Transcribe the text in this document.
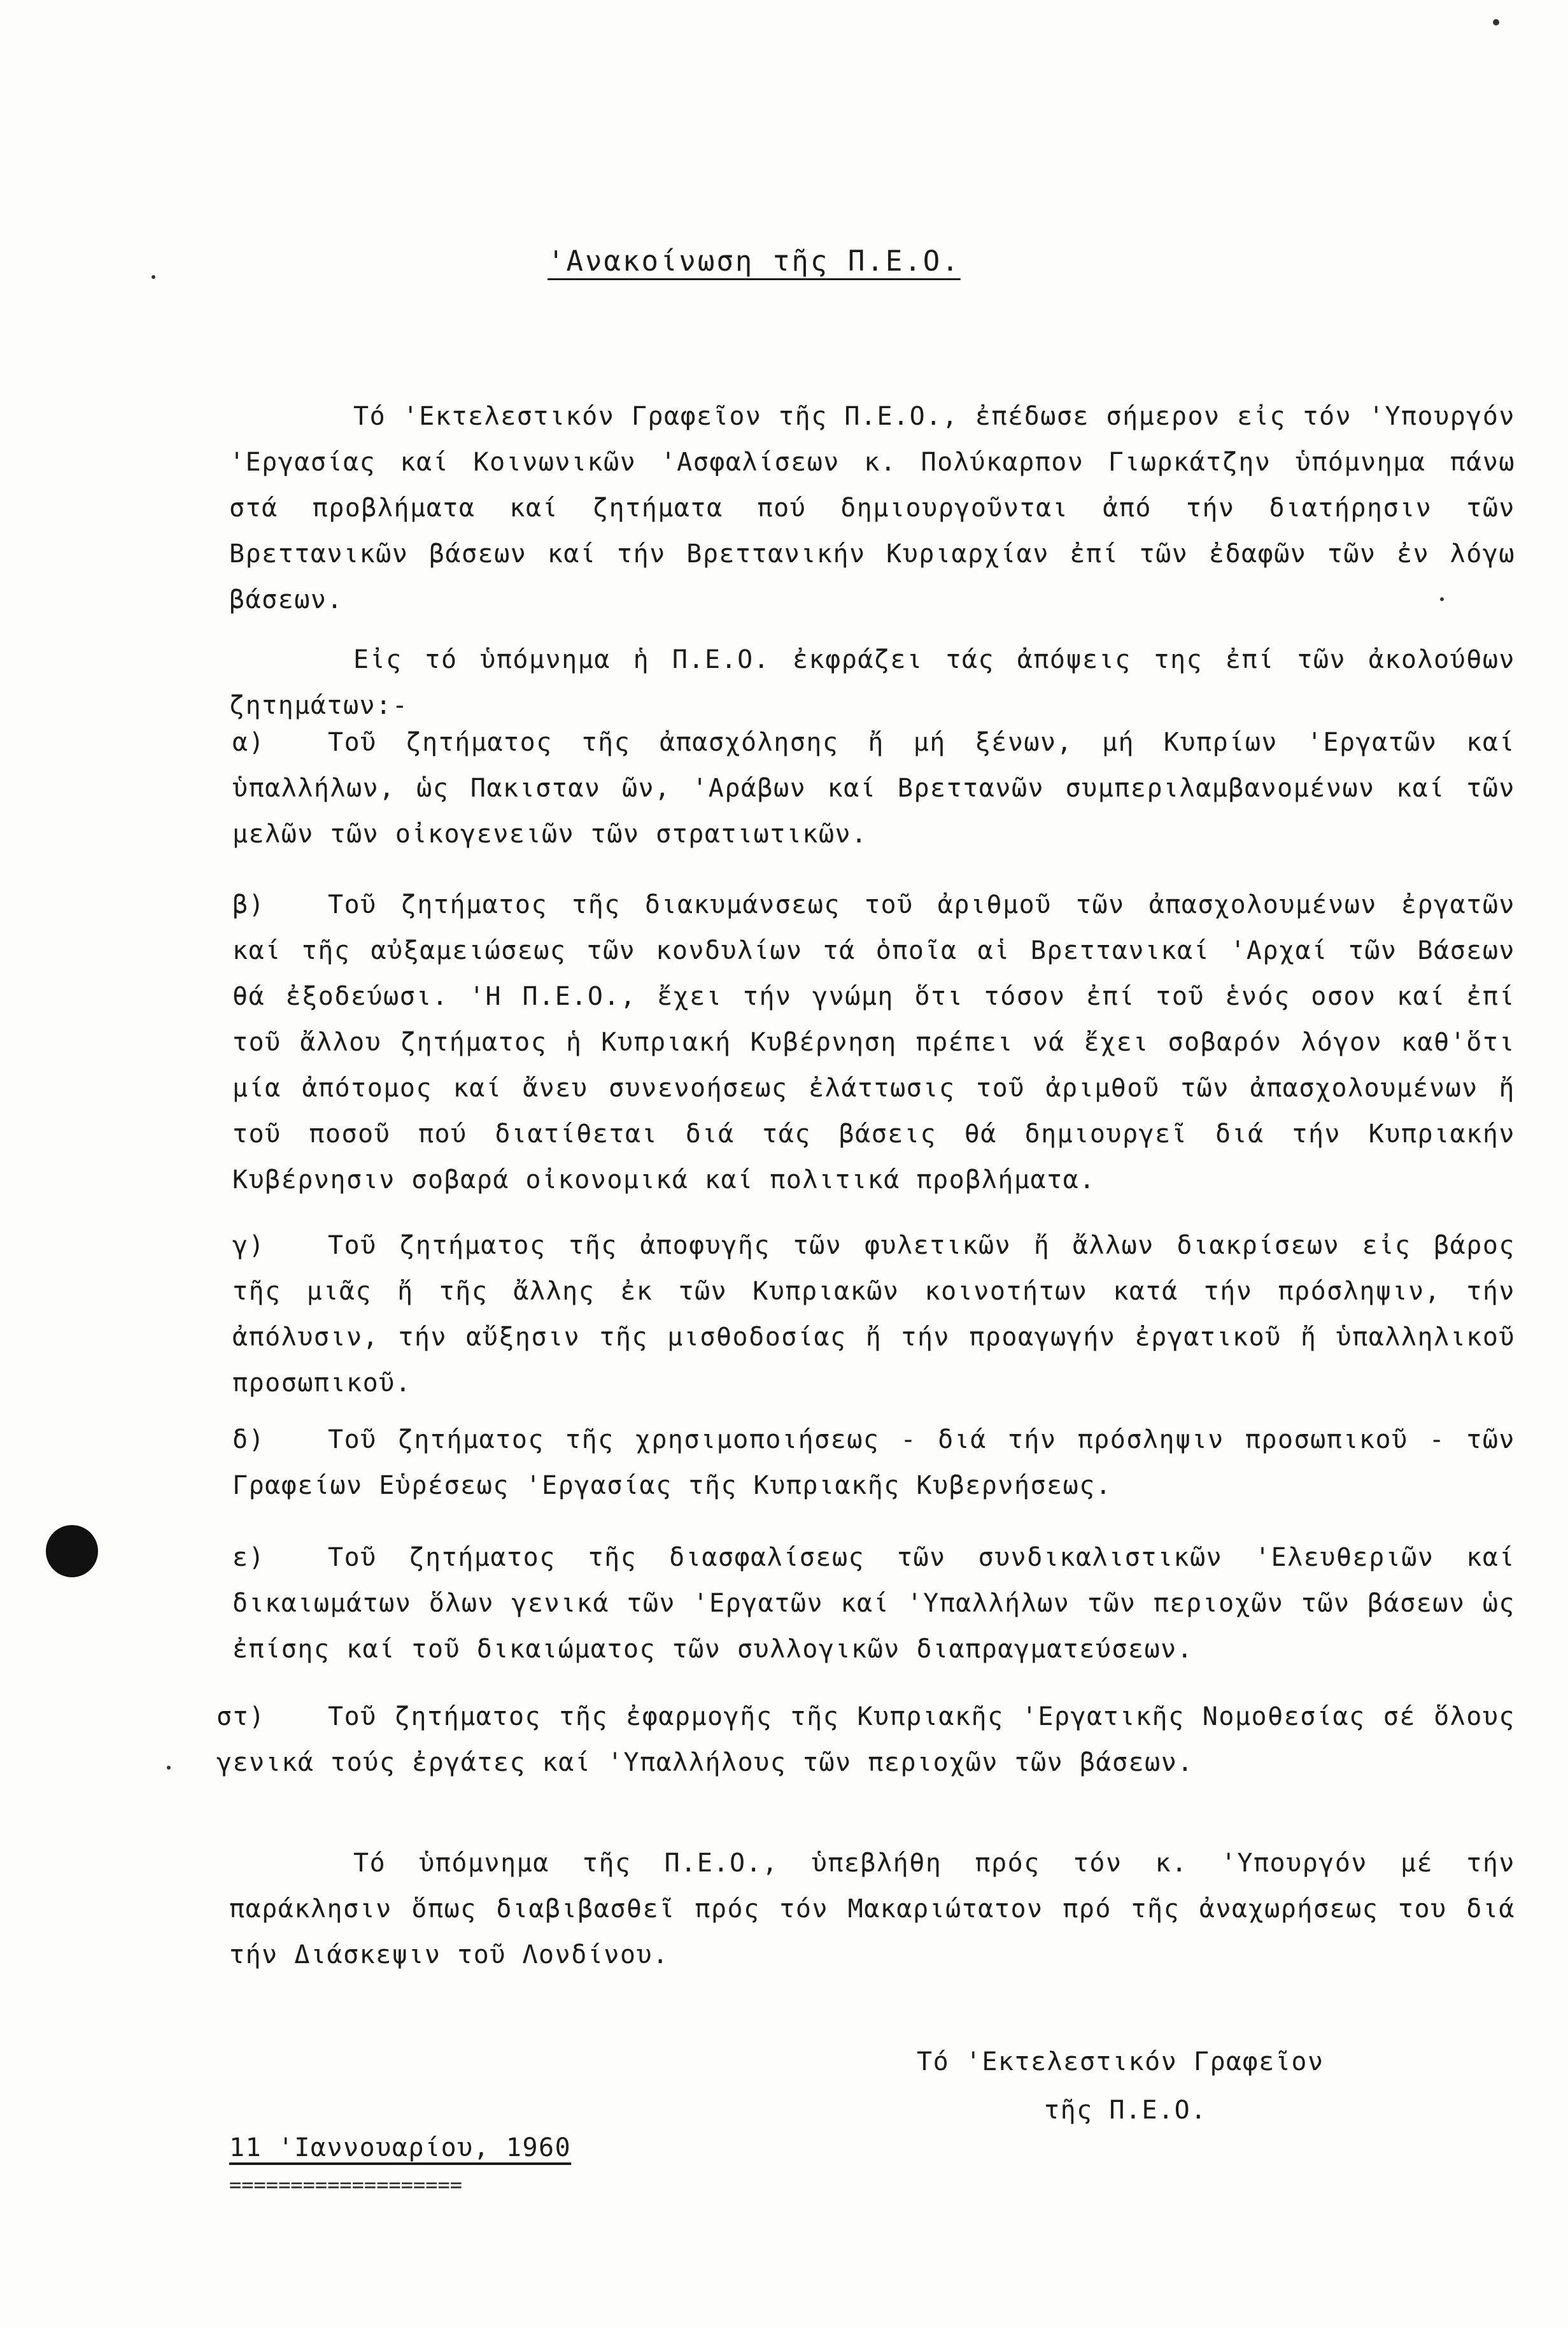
'Ανακοίνωση τῆς Π.Ε.Ο.
Τό 'Εκτελεστικόν Γραφεῖον τῆς Π.Ε.Ο., ἐπέδωσε σήμερον εἰς τόν 'Υπουργόν 'Εργασίας καί Κοινωνικῶν 'Ασφαλίσεων κ. Πολύκαρπον Γιωρκάτζην ὑπόμνημα πάνω στά προβλήματα καί ζητήματα πού δημιουργοῦνται ἀπό τήν διατήρησιν τῶν Βρεττανικῶν βάσεων καί τήν Βρεττανικήν Κυριαρχίαν ἐπί τῶν ἐδαφῶν τῶν ἐν λόγω βάσεων.
Εἰς τό ὑπόμνημα ἡ Π.Ε.Ο. ἐκφράζει τάς ἀπόψεις της ἐπί τῶν ἀκολούθων ζητημάτων:-
α) Τοῦ ζητήματος τῆς ἀπασχόλησης ἤ μή ξένων, μή Κυπρίων 'Εργατῶν καί ὑπαλλήλων, ὡς Πακισταν ῶν, 'Αράβων καί Βρεττανῶν συμπεριλαμβανομένων καί τῶν μελῶν τῶν οἰκογενειῶν τῶν στρατιωτικῶν.
β) Τοῦ ζητήματος τῆς διακυμάνσεως τοῦ ἀριθμοῦ τῶν ἀπασχολουμένων ἐργατῶν καί τῆς αὐξαμειώσεως τῶν κονδυλίων τά ὁποῖα αἱ Βρεττανικαί 'Αρχαί τῶν Βάσεων θά ἐξοδεύωσι. 'Η Π.Ε.Ο., ἔχει τήν γνώμη ὅτι τόσον ἐπί τοῦ ἑνός οσον καί ἐπί τοῦ ἄλλου ζητήματος ἡ Κυπριακή Κυβέρνηση πρέπει νά ἔχει σοβαρόν λόγον καθ'ὅτι μία ἀπότομος καί ἄνευ συνενοήσεως ἐλάττωσις τοῦ ἀριμθοῦ τῶν ἀπασχολουμένων ἤ τοῦ ποσοῦ πού διατίθεται διά τάς βάσεις θά δημιουργεῖ διά τήν Κυπριακήν Κυβέρνησιν σοβαρά οἰκονομικά καί πολιτικά προβλήματα.
γ) Τοῦ ζητήματος τῆς ἀποφυγῆς τῶν φυλετικῶν ἤ ἄλλων διακρίσεων εἰς βάρος τῆς μιᾶς ἤ τῆς ἄλλης ἐκ τῶν Κυπριακῶν κοινοτήτων κατά τήν πρόσληψιν, τήν ἀπόλυσιν, τήν αὔξησιν τῆς μισθοδοσίας ἤ τήν προαγωγήν ἐργατικοῦ ἤ ὑπαλληλικοῦ προσωπικοῦ.
δ) Τοῦ ζητήματος τῆς χρησιμοποιήσεως - διά τήν πρόσληψιν προσωπικοῦ - τῶν Γραφείων Εὑρέσεως 'Εργασίας τῆς Κυπριακῆς Κυβερνήσεως.
ε) Τοῦ ζητήματος τῆς διασφαλίσεως τῶν συνδικαλιστικῶν 'Ελευθεριῶν καί δικαιωμάτων ὅλων γενικά τῶν 'Εργατῶν καί 'Υπαλλήλων τῶν περιοχῶν τῶν βάσεων ὡς ἐπίσης καί τοῦ δικαιώματος τῶν συλλογικῶν διαπραγματεύσεων.
στ) Τοῦ ζητήματος τῆς ἐφαρμογῆς τῆς Κυπριακῆς 'Εργατικῆς Νομοθεσίας σέ ὅλους γενικά τούς ἐργάτες καί 'Υπαλλήλους τῶν περιοχῶν τῶν βάσεων.
Τό ὑπόμνημα τῆς Π.Ε.Ο., ὑπεβλήθη πρός τόν κ. 'Υπουργόν μέ τήν παράκλησιν ὅπως διαβιβασθεῖ πρός τόν Μακαριώτατον πρό τῆς ἀναχωρήσεως του διά τήν Διάσκεψιν τοῦ Λονδίνου.
Τό 'Εκτελεστικόν Γραφεῖον
τῆς Π.Ε.Ο.
11 'Ιαννουαρίου, 1960
===================
